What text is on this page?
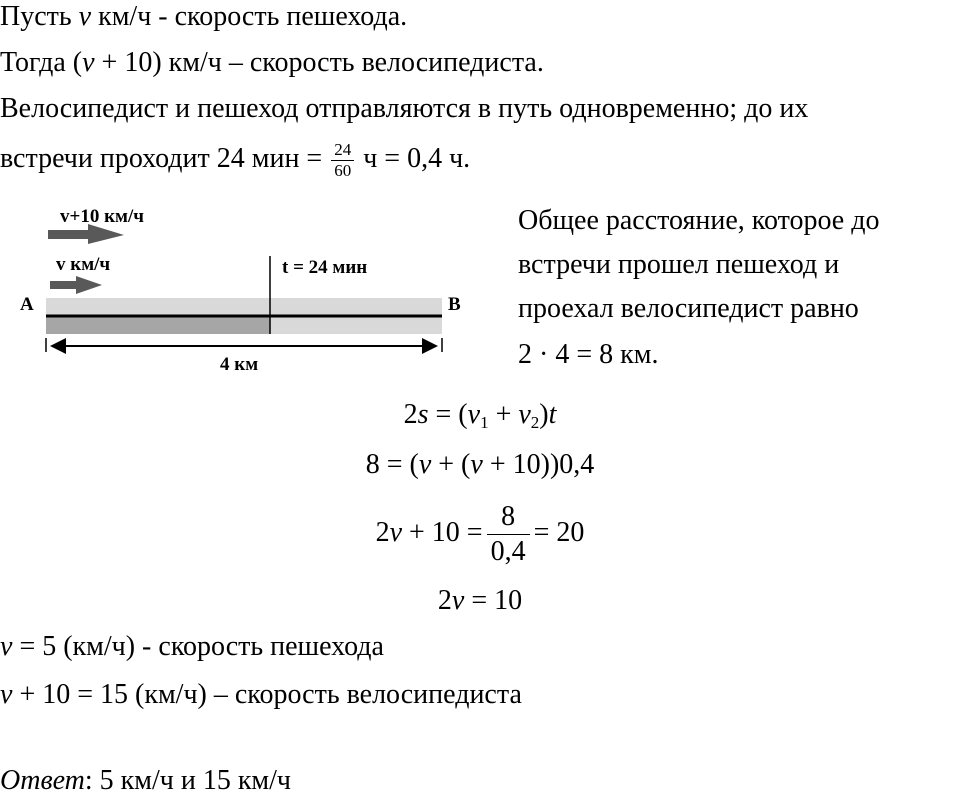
Пусть v км/ч - скорость пешехода.
Тогда (v + 10) км/ч – скорость велосипедиста.
Велосипедист и пешеход отправляются в путь одновременно; до их
встречи проходит 24 мин = $\frac{24}{60}$ ч = 0,4 ч.
v+10 км/ч
v км/ч	t = 24 мин
A	B
4 км
Общее расстояние, которое до
встречи прошел пешеход и
проехал велосипедист равно
2 · 4 = 8 км.
$2s = (v_1 + v_2)t$
8 = (v + (v + 10))0,4
$2v + 10 = \frac{8}{0,4} = 20$
2v = 10
v = 5 (км/ч) - скорость пешехода
v + 10 = 15 (км/ч) – скорость велосипедиста
Ответ: 5 км/ч и 15 км/ч
